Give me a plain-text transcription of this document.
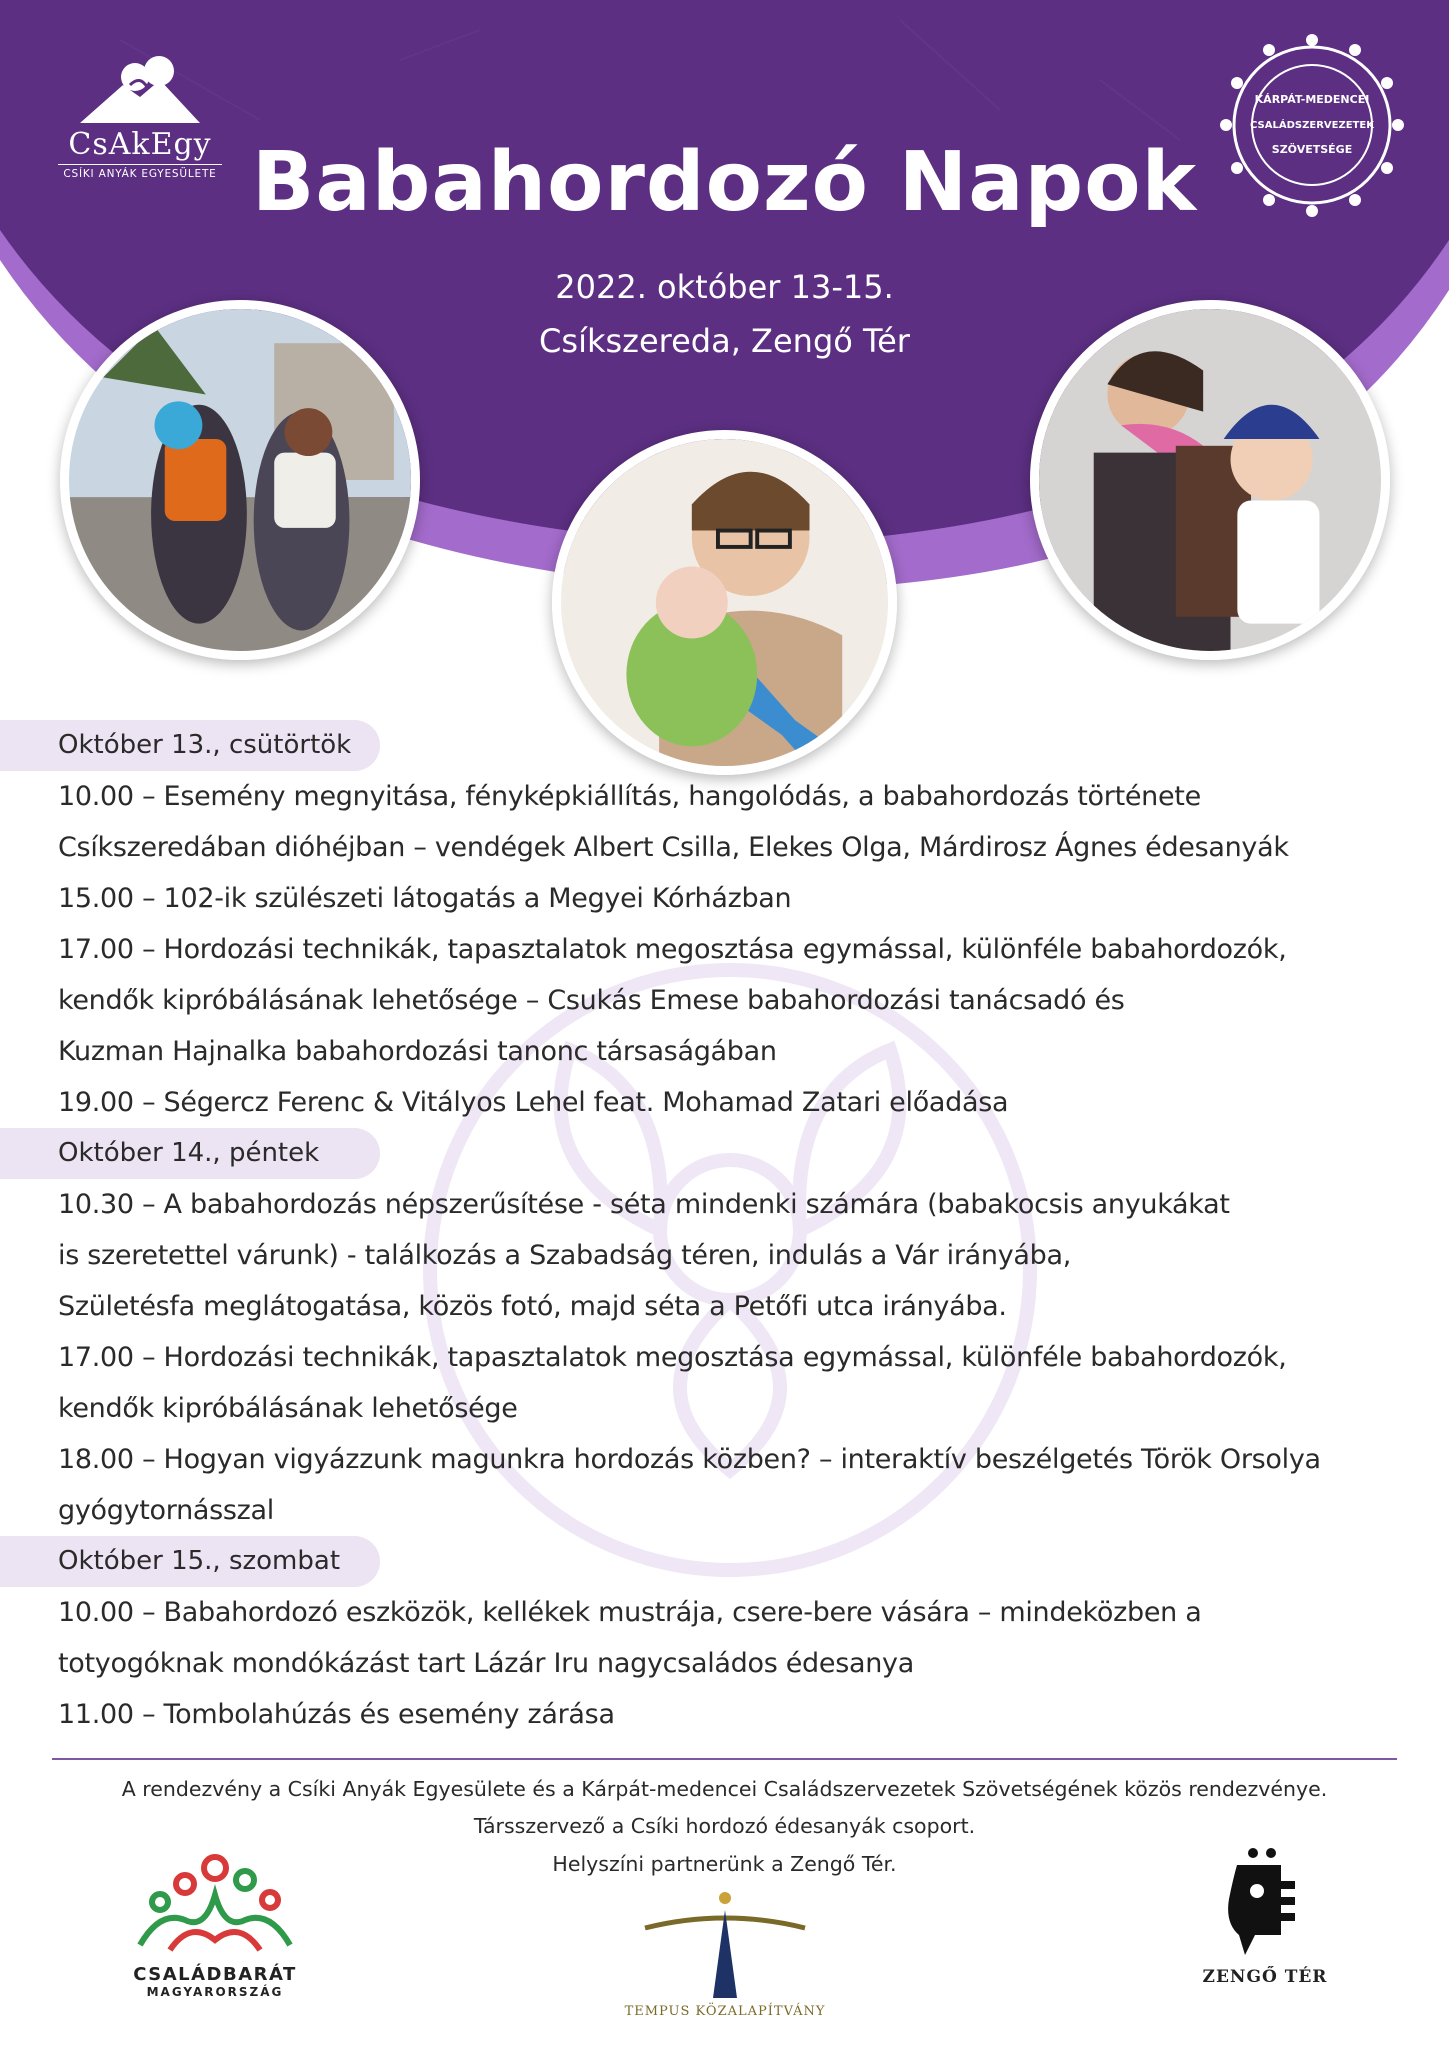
CsAkEgy
CSÍKI ANYÁK EGYESÜLETE
KÁRPÁT-MEDENCEI
CSALÁDSZERVEZETEK
SZÖVETSÉGE
Babahordozó Napok
2022. október 13-15.
Csíkszereda, Zengő Tér
Október 13., csütörtök
10.00 – Esemény megnyitása, fényképkiállítás, hangolódás, a babahordozás története
Csíkszeredában dióhéjban – vendégek Albert Csilla, Elekes Olga, Márdirosz Ágnes édesanyák
15.00 – 102-ik szülészeti látogatás a Megyei Kórházban
17.00 – Hordozási technikák, tapasztalatok megosztása egymással, különféle babahordozók,
kendők kipróbálásának lehetősége – Csukás Emese babahordozási tanácsadó és
Kuzman Hajnalka babahordozási tanonc társaságában
19.00 – Ségercz Ferenc & Vitályos Lehel feat. Mohamad Zatari előadása
Október 14., péntek
10.30 – A babahordozás népszerűsítése - séta mindenki számára (babakocsis anyukákat
is szeretettel várunk) - találkozás a Szabadság téren, indulás a Vár irányába,
Születésfa meglátogatása, közös fotó, majd séta a Petőfi utca irányába.
17.00 – Hordozási technikák, tapasztalatok megosztása egymással, különféle babahordozók,
kendők kipróbálásának lehetősége
18.00 – Hogyan vigyázzunk magunkra hordozás közben? – interaktív beszélgetés Török Orsolya
gyógytornásszal
Október 15., szombat
10.00 – Babahordozó eszközök, kellékek mustrája, csere-bere vására – mindeközben a
totyogóknak mondókázást tart Lázár Iru nagycsaládos édesanya
11.00 – Tombolahúzás és esemény zárása
A rendezvény a Csíki Anyák Egyesülete és a Kárpát-medencei Családszervezetek Szövetségének közös rendezvénye.
Társszervező a Csíki hordozó édesanyák csoport.
Helyszíni partnerünk a Zengő Tér.
CSALÁDBARÁT
MAGYARORSZÁG
TEMPUS KÖZALAPÍTVÁNY
ZENGŐ TÉR
